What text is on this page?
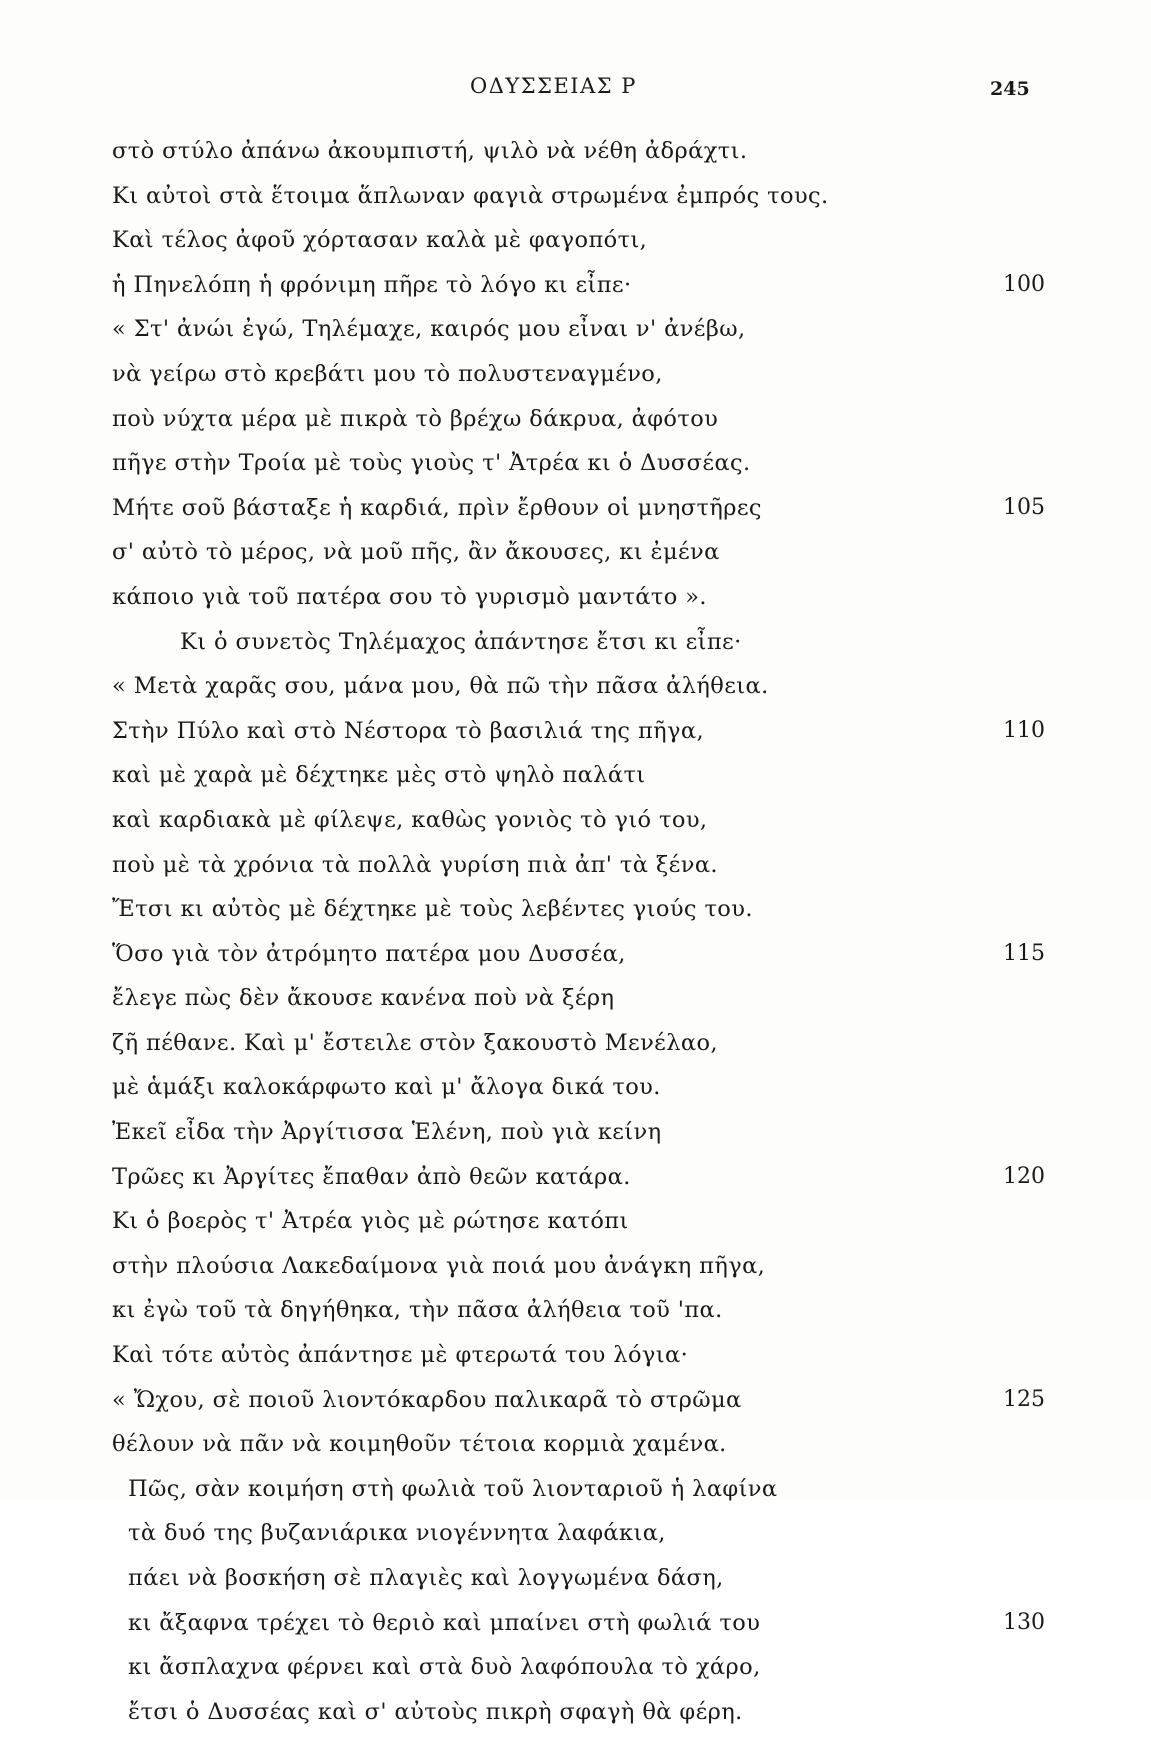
ΟΔΥΣΣΕΙΑΣ Ρ	245
στὸ στύλο ἀπάνω ἀκουμπιστή, ψιλὸ νὰ νέθη ἀδράχτι.
Κι αὐτοὶ στὰ ἕτοιμα ἅπλωναν φαγιὰ στρωμένα ἐμπρός τους.
Καὶ τέλος ἀφοῦ χόρτασαν καλὰ μὲ φαγοπότι,
ἡ Πηνελόπη ἡ φρόνιμη πῆρε τὸ λόγο κι εἶπε·	100
« Στ' ἀνώι ἐγώ, Τηλέμαχε, καιρός μου εἶναι ν' ἀνέβω,
νὰ γείρω στὸ κρεβάτι μου τὸ πολυστεναγμένο,
ποὺ νύχτα μέρα μὲ πικρὰ τὸ βρέχω δάκρυα, ἀφότου
πῆγε στὴν Τροία μὲ τοὺς γιοὺς τ' Ἀτρέα κι ὁ Δυσσέας.
Μήτε σοῦ βάσταξε ἡ καρδιά, πρὶν ἔρθουν οἱ μνηστῆρες	105
σ' αὐτὸ τὸ μέρος, νὰ μοῦ πῆς, ἂν ἄκουσες, κι ἐμένα
κάποιο γιὰ τοῦ πατέρα σου τὸ γυρισμὸ μαντάτο ».
Κι ὁ συνετὸς Τηλέμαχος ἀπάντησε ἔτσι κι εἶπε·
« Μετὰ χαρᾶς σου, μάνα μου, θὰ πῶ τὴν πᾶσα ἀλήθεια.
Στὴν Πύλο καὶ στὸ Νέστορα τὸ βασιλιά της πῆγα,	110
καὶ μὲ χαρὰ μὲ δέχτηκε μὲς στὸ ψηλὸ παλάτι
καὶ καρδιακὰ μὲ φίλεψε, καθὼς γονιὸς τὸ γιό του,
ποὺ μὲ τὰ χρόνια τὰ πολλὰ γυρίση πιὰ ἀπ' τὰ ξένα.
Ἔτσι κι αὐτὸς μὲ δέχτηκε μὲ τοὺς λεβέντες γιούς του.
Ὅσο γιὰ τὸν ἀτρόμητο πατέρα μου Δυσσέα,	115
ἔλεγε πὼς δὲν ἄκουσε κανένα ποὺ νὰ ξέρη
ζῆ πέθανε. Καὶ μ' ἔστειλε στὸν ξακουστὸ Μενέλαο,
μὲ ἁμάξι καλοκάρφωτο καὶ μ' ἄλογα δικά του.
Ἐκεῖ εἶδα τὴν Ἀργίτισσα Ἑλένη, ποὺ γιὰ κείνη
Τρῶες κι Ἀργίτες ἔπαθαν ἀπὸ θεῶν κατάρα.	120
Κι ὁ βοερὸς τ' Ἀτρέα γιὸς μὲ ρώτησε κατόπι
στὴν πλούσια Λακεδαίμονα γιὰ ποιά μου ἀνάγκη πῆγα,
κι ἐγὼ τοῦ τὰ δηγήθηκα, τὴν πᾶσα ἀλήθεια τοῦ 'πα.
Καὶ τότε αὐτὸς ἀπάντησε μὲ φτερωτά του λόγια·
« Ὤχου, σὲ ποιοῦ λιοντόκαρδου παλικαρᾶ τὸ στρῶμα	125
θέλουν νὰ πᾶν νὰ κοιμηθοῦν τέτοια κορμιὰ χαμένα.
Πῶς, σὰν κοιμήση στὴ φωλιὰ τοῦ λιονταριοῦ ἡ λαφίνα
τὰ δυό της βυζανιάρικα νιογέννητα λαφάκια,
πάει νὰ βοσκήση σὲ πλαγιὲς καὶ λογγωμένα δάση,
κι ἄξαφνα τρέχει τὸ θεριὸ καὶ μπαίνει στὴ φωλιά του	130
κι ἄσπλαχνα φέρνει καὶ στὰ δυὸ λαφόπουλα τὸ χάρο,
ἔτσι ὁ Δυσσέας καὶ σ' αὐτοὺς πικρὴ σφαγὴ θὰ φέρη.
